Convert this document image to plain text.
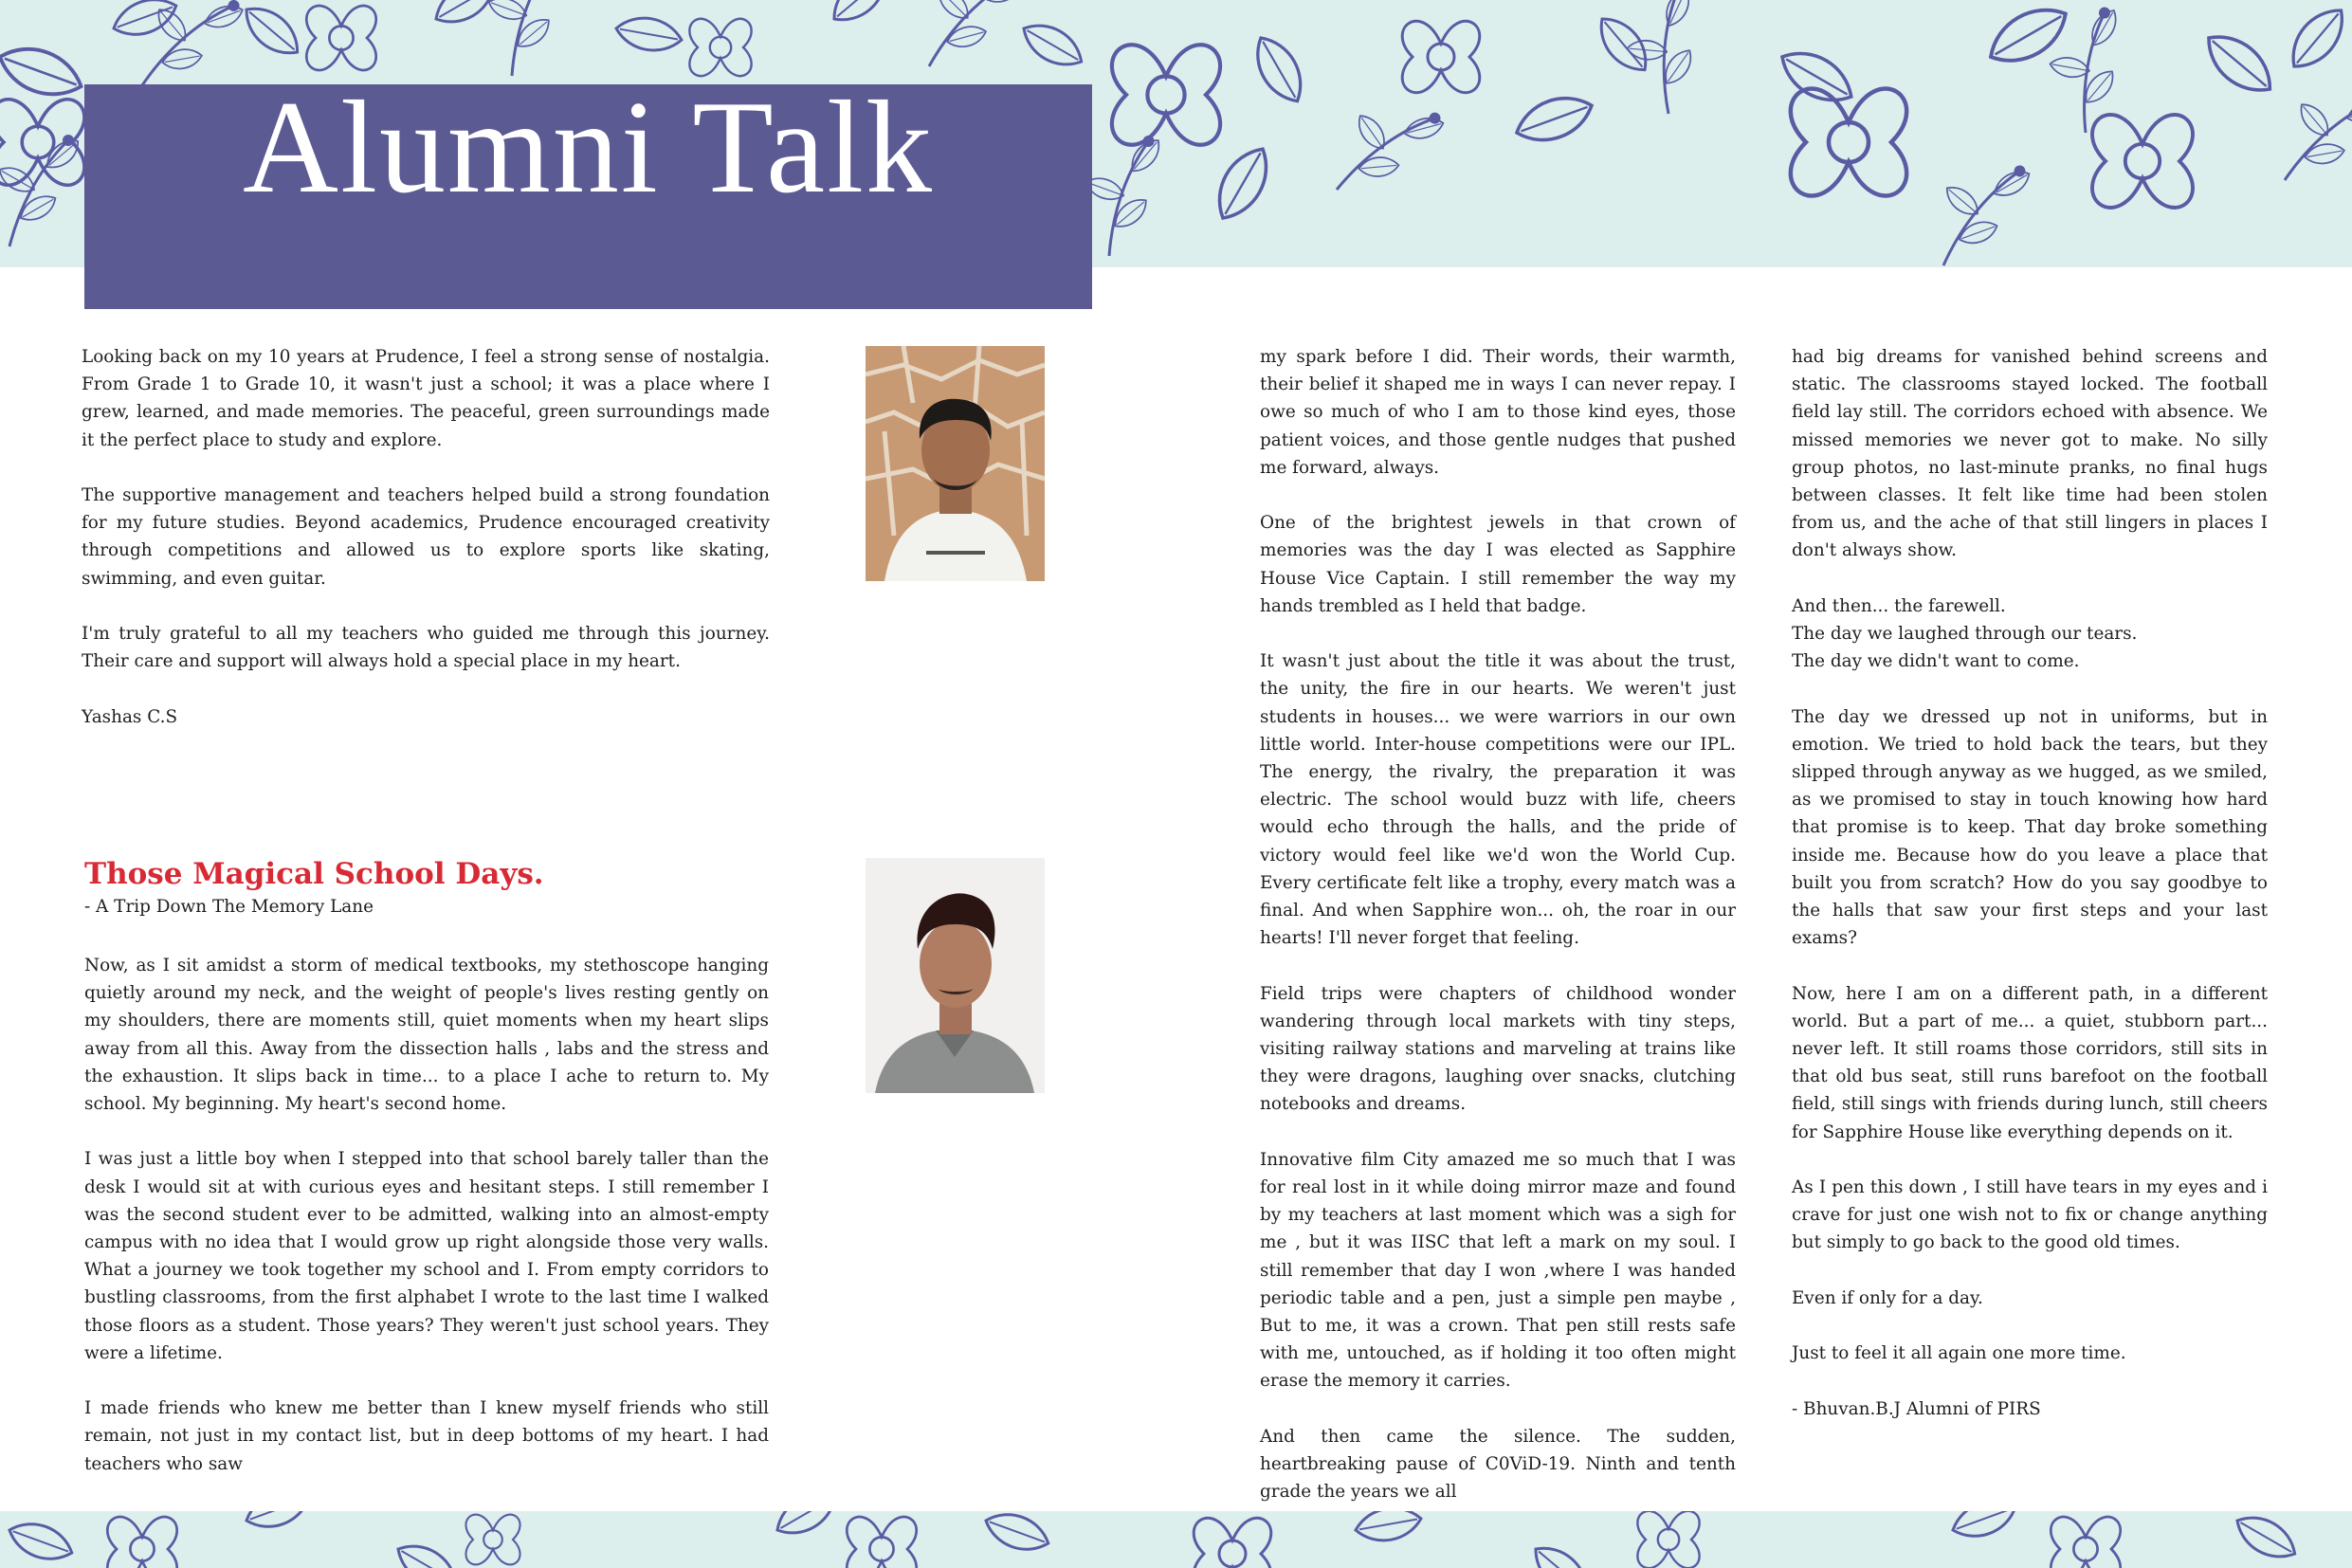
Alumni Talk

Looking back on my 10 years at Prudence, I feel a strong sense of nostalgia. From Grade 1 to Grade 10, it wasn't just a school; it was a place where I grew, learned, and made memories. The peaceful, green surroundings made it the perfect place to study and explore.

The supportive management and teachers helped build a strong foundation for my future studies. Beyond academics, Prudence encouraged creativity through competitions and allowed us to explore sports like skating, swimming, and even guitar.

I'm truly grateful to all my teachers who guided me through this journey. Their care and support will always hold a special place in my heart.

Yashas C.S

Those Magical School Days.

- A Trip Down The Memory Lane

Now, as I sit amidst a storm of medical textbooks, my stethoscope hanging quietly around my neck, and the weight of people's lives resting gently on my shoulders, there are moments still, quiet moments when my heart slips away from all this. Away from the dissection halls , labs and the stress and the exhaustion. It slips back in time... to a place I ache to return to. My school. My beginning. My heart's second home.

I was just a little boy when I stepped into that school barely taller than the desk I would sit at with curious eyes and hesitant steps. I still remember I was the second student ever to be admitted, walking into an almost-empty campus with no idea that I would grow up right alongside those very walls. What a journey we took together my school and I. From empty corridors to bustling classrooms, from the first alphabet I wrote to the last time I walked those floors as a student. Those years? They weren't just school years. They were a lifetime.

I made friends who knew me better than I knew myself friends who still remain, not just in my contact list, but in deep bottoms of my heart. I had teachers who saw

my spark before I did. Their words, their warmth, their belief it shaped me in ways I can never repay. I owe so much of who I am to those kind eyes, those patient voices, and those gentle nudges that pushed me forward, always.

One of the brightest jewels in that crown of memories was the day I was elected as Sapphire House Vice Captain. I still remember the way my hands trembled as I held that badge.

It wasn't just about the title it was about the trust, the unity, the fire in our hearts. We weren't just students in houses... we were warriors in our own little world. Inter-house competitions were our IPL. The energy, the rivalry, the preparation it was electric. The school would buzz with life, cheers would echo through the halls, and the pride of victory would feel like we'd won the World Cup. Every certificate felt like a trophy, every match was a final. And when Sapphire won... oh, the roar in our hearts! I'll never forget that feeling.

Field trips were chapters of childhood wonder wandering through local markets with tiny steps, visiting railway stations and marveling at trains like they were dragons, laughing over snacks, clutching notebooks and dreams.

Innovative film City amazed me so much that I was for real lost in it while doing mirror maze and found by my teachers at last moment which was a sigh for me , but it was IISC that left a mark on my soul. I still remember that day I won ,where I was handed periodic table and a pen, just a simple pen maybe , But to me, it was a crown. That pen still rests safe with me, untouched, as if holding it too often might erase the memory it carries.

And then came the silence. The sudden, heartbreaking pause of C0ViD-19. Ninth and tenth grade the years we all

had big dreams for vanished behind screens and static. The classrooms stayed locked. The football field lay still. The corridors echoed with absence. We missed memories we never got to make. No silly group photos, no last-minute pranks, no final hugs between classes. It felt like time had been stolen from us, and the ache of that still lingers in places I don't always show.

And then... the farewell.

The day we laughed through our tears.

The day we didn't want to come.

The day we dressed up not in uniforms, but in emotion. We tried to hold back the tears, but they slipped through anyway as we hugged, as we smiled, as we promised to stay in touch knowing how hard that promise is to keep. That day broke something inside me. Because how do you leave a place that built you from scratch? How do you say goodbye to the halls that saw your first steps and your last exams?

Now, here I am on a different path, in a different world. But a part of me... a quiet, stubborn part... never left. It still roams those corridors, still sits in that old bus seat, still runs barefoot on the football field, still sings with friends during lunch, still cheers for Sapphire House like everything depends on it.

As I pen this down , I still have tears in my eyes and i crave for just one wish not to fix or change anything but simply to go back to the good old times.

Even if only for a day.

Just to feel it all again one more time.

- Bhuvan.B.J Alumni of PIRS
